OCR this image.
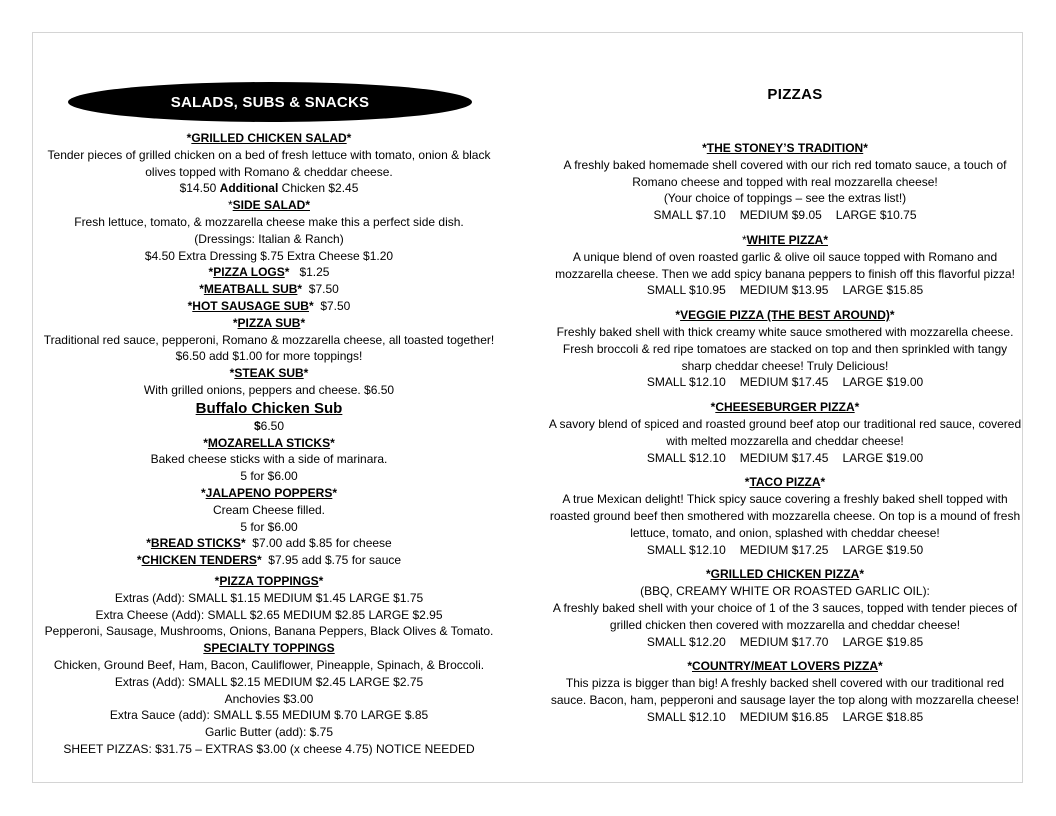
SALADS, SUBS & SNACKS	PIZZAS

*GRILLED CHICKEN SALAD*

Tender pieces of grilled chicken on a bed of fresh lettuce with tomato, onion & black olives topped with Romano & cheddar cheese.

$14.50 Additional Chicken $2.45

*SIDE SALAD*

Fresh lettuce, tomato, & mozzarella cheese make this a perfect side dish.

(Dressings: Italian & Ranch)

$4.50 Extra Dressing $.75 Extra Cheese $1.20

*PIZZA LOGS* $1.25

*MEATBALL SUB* $7.50

*HOT SAUSAGE SUB* $7.50

*PIZZA SUB*

Traditional red sauce, pepperoni, Romano & mozzarella cheese, all toasted together!

$6.50 add $1.00 for more toppings!

*STEAK SUB*

With grilled onions, peppers and cheese. $6.50

Buffalo Chicken Sub

$6.50

*MOZARELLA STICKS*

Baked cheese sticks with a side of marinara.

5 for $6.00

*JALAPENO POPPERS*

Cream Cheese filled.

5 for $6.00

*BREAD STICKS* $7.00 add $.85 for cheese

*CHICKEN TENDERS* $7.95 add $.75 for sauce

*PIZZA TOPPINGS*

Extras (Add): SMALL $1.15 MEDIUM $1.45 LARGE $1.75

Extra Cheese (Add): SMALL $2.65 MEDIUM $2.85 LARGE $2.95

Pepperoni, Sausage, Mushrooms, Onions, Banana Peppers, Black Olives & Tomato.

SPECIALTY TOPPINGS

Chicken, Ground Beef, Ham, Bacon, Cauliflower, Pineapple, Spinach, & Broccoli.

Extras (Add): SMALL $2.15 MEDIUM $2.45 LARGE $2.75

Anchovies $3.00

Extra Sauce (add): SMALL $.55 MEDIUM $.70 LARGE $.85

Garlic Butter (add): $.75

SHEET PIZZAS: $31.75 – EXTRAS $3.00 (x cheese 4.75) NOTICE NEEDED

*THE STONEY’S TRADITION*

A freshly baked homemade shell covered with our rich red tomato sauce, a touch of

Romano cheese and topped with real mozzarella cheese!

(Your choice of toppings – see the extras list!)

SMALL $7.10 MEDIUM $9.05 LARGE $10.75

*WHITE PIZZA*

A unique blend of oven roasted garlic & olive oil sauce topped with Romano and

mozzarella cheese. Then we add spicy banana peppers to finish off this flavorful pizza!

SMALL $10.95 MEDIUM $13.95 LARGE $15.85

*VEGGIE PIZZA (THE BEST AROUND)*

Freshly baked shell with thick creamy white sauce smothered with mozzarella cheese.

Fresh broccoli & red ripe tomatoes are stacked on top and then sprinkled with tangy

sharp cheddar cheese! Truly Delicious!

SMALL $12.10 MEDIUM $17.45 LARGE $19.00

*CHEESEBURGER PIZZA*

A savory blend of spiced and roasted ground beef atop our traditional red sauce, covered

with melted mozzarella and cheddar cheese!

SMALL $12.10 MEDIUM $17.45 LARGE $19.00

*TACO PIZZA*

A true Mexican delight! Thick spicy sauce covering a freshly baked shell topped with

roasted ground beef then smothered with mozzarella cheese. On top is a mound of fresh

lettuce, tomato, and onion, splashed with cheddar cheese!

SMALL $12.10 MEDIUM $17.25 LARGE $19.50

*GRILLED CHICKEN PIZZA*

(BBQ, CREAMY WHITE OR ROASTED GARLIC OIL):

A freshly baked shell with your choice of 1 of the 3 sauces, topped with tender pieces of

grilled chicken then covered with mozzarella and cheddar cheese!

SMALL $12.20 MEDIUM $17.70 LARGE $19.85

*COUNTRY/MEAT LOVERS PIZZA*

This pizza is bigger than big! A freshly backed shell covered with our traditional red

sauce. Bacon, ham, pepperoni and sausage layer the top along with mozzarella cheese!

SMALL $12.10 MEDIUM $16.85 LARGE $18.85
